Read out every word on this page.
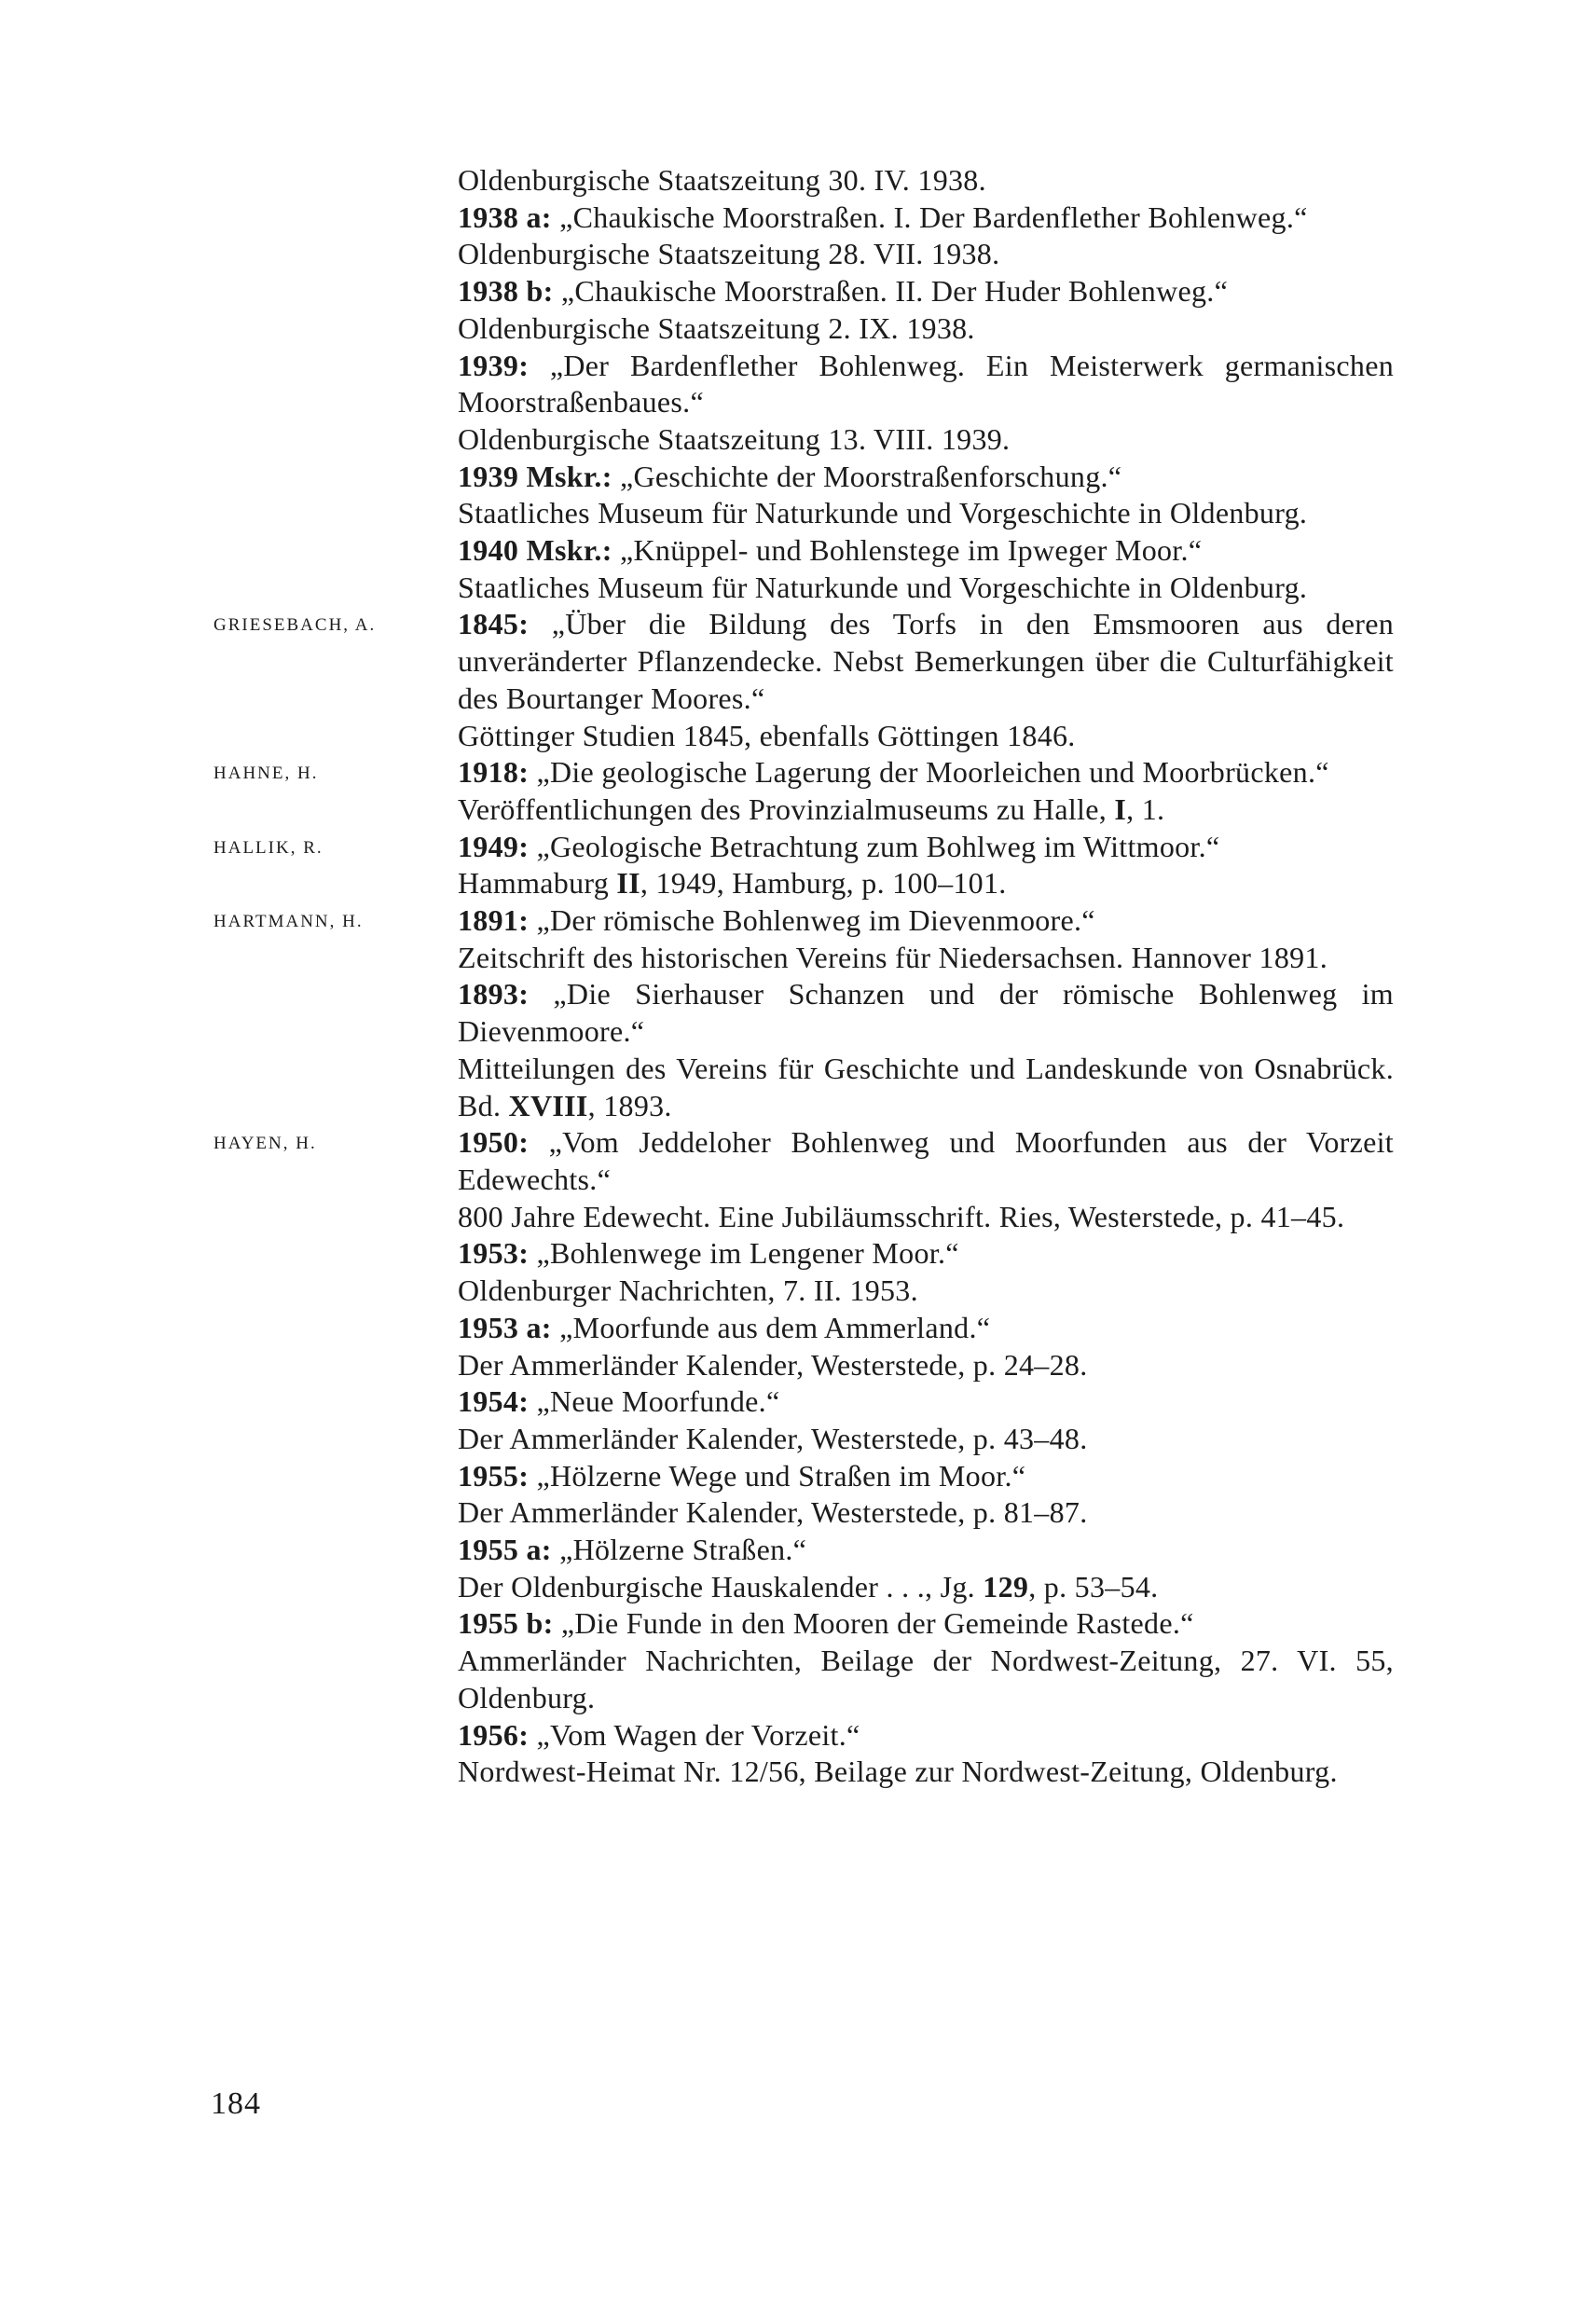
Oldenburgische Staatszeitung 30. IV. 1938.
1938 a: „Chaukische Moorstraßen. I. Der Bardenflether Bohlenweg.“
Oldenburgische Staatszeitung 28. VII. 1938.
1938 b: „Chaukische Moorstraßen. II. Der Huder Bohlenweg.“
Oldenburgische Staatszeitung 2. IX. 1938.
1939: „Der Bardenflether Bohlenweg. Ein Meisterwerk germanischen Moorstraßenbaues.“
Oldenburgische Staatszeitung 13. VIII. 1939.
1939 Mskr.: „Geschichte der Moorstraßenforschung.“
Staatliches Museum für Naturkunde und Vorgeschichte in Oldenburg.
1940 Mskr.: „Knüppel- und Bohlenstege im Ipweger Moor.“
Staatliches Museum für Naturkunde und Vorgeschichte in Oldenburg.
GRIESEBACH, A.	1845: „Über die Bildung des Torfs in den Emsmooren aus deren unveränderter Pflanzendecke. Nebst Bemerkungen über die Culturfähigkeit des Bourtanger Moores.“
Göttinger Studien 1845, ebenfalls Göttingen 1846.
HAHNE, H.	1918: „Die geologische Lagerung der Moorleichen und Moorbrücken.“
Veröffentlichungen des Provinzialmuseums zu Halle, I, 1.
HALLIK, R.	1949: „Geologische Betrachtung zum Bohlweg im Wittmoor.“
Hammaburg II, 1949, Hamburg, p. 100–101.
HARTMANN, H.	1891: „Der römische Bohlenweg im Dievenmoore.“
Zeitschrift des historischen Vereins für Niedersachsen. Hannover 1891.
1893: „Die Sierhauser Schanzen und der römische Bohlenweg im Dievenmoore.“
Mitteilungen des Vereins für Geschichte und Landeskunde von Osnabrück. Bd. XVIII, 1893.
HAYEN, H.	1950: „Vom Jeddeloher Bohlenweg und Moorfunden aus der Vorzeit Edewechts.“
800 Jahre Edewecht. Eine Jubiläumsschrift. Ries, Westerstede, p. 41–45.
1953: „Bohlenwege im Lengener Moor.“
Oldenburger Nachrichten, 7. II. 1953.
1953 a: „Moorfunde aus dem Ammerland.“
Der Ammerländer Kalender, Westerstede, p. 24–28.
1954: „Neue Moorfunde.“
Der Ammerländer Kalender, Westerstede, p. 43–48.
1955: „Hölzerne Wege und Straßen im Moor.“
Der Ammerländer Kalender, Westerstede, p. 81–87.
1955 a: „Hölzerne Straßen.“
Der Oldenburgische Hauskalender . . ., Jg. 129, p. 53–54.
1955 b: „Die Funde in den Mooren der Gemeinde Rastede.“
Ammerländer Nachrichten, Beilage der Nordwest-Zeitung, 27. VI. 55, Oldenburg.
1956: „Vom Wagen der Vorzeit.“
Nordwest-Heimat Nr. 12/56, Beilage zur Nordwest-Zeitung, Oldenburg.
184
